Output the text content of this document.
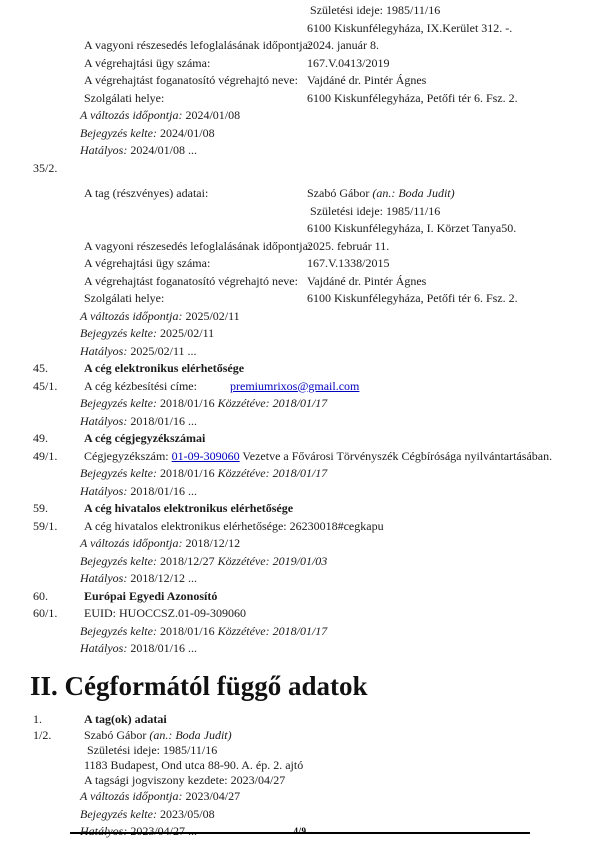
Születési ideje: 1985/11/16
6100 Kiskunfélegyháza, IX.Kerület 312. -.
A vagyoni részesedés lefoglalásának időpontja:
2024. január 8.
A végrehajtási ügy száma:	167.V.0413/2019
A végrehajtást foganatosító végrehajtó neve: Vajdáné dr. Pintér Ágnes
Szolgálati helye:	6100 Kiskunfélegyháza, Petőfi tér 6. Fsz. 2.
A változás időpontja: 2024/01/08
Bejegyzés kelte: 2024/01/08
Hatályos: 2024/01/08 ...
35/2.
A tag (részvényes) adatai:	Szabó Gábor (an.: Boda Judit)
Születési ideje: 1985/11/16
6100 Kiskunfélegyháza, I. Körzet Tanya50.
A vagyoni részesedés lefoglalásának időpontja:
2025. február 11.
A végrehajtási ügy száma:	167.V.1338/2015
A végrehajtást foganatosító végrehajtó neve: Vajdáné dr. Pintér Ágnes
Szolgálati helye:	6100 Kiskunfélegyháza, Petőfi tér 6. Fsz. 2.
A változás időpontja: 2025/02/11
Bejegyzés kelte: 2025/02/11
Hatályos: 2025/02/11 ...
45.	A cég elektronikus elérhetősége
45/1. A cég kézbesítési címe:	premiumrixos@gmail.com
Bejegyzés kelte: 2018/01/16 Közzétéve: 2018/01/17
Hatályos: 2018/01/16 ...
49.	A cég cégjegyzékszámai
49/1. Cégjegyzékszám: 01-09-309060 Vezetve a Fővárosi Törvényszék Cégbírósága nyilvántartásában.
Bejegyzés kelte: 2018/01/16 Közzétéve: 2018/01/17
Hatályos: 2018/01/16 ...
59.	A cég hivatalos elektronikus elérhetősége
59/1. A cég hivatalos elektronikus elérhetősége: 26230018#cegkapu
A változás időpontja: 2018/12/12
Bejegyzés kelte: 2018/12/27 Közzétéve: 2019/01/03
Hatályos: 2018/12/12 ...
60.	Európai Egyedi Azonosító
60/1. EUID: HUOCCSZ.01-09-309060
Bejegyzés kelte: 2018/01/16 Közzétéve: 2018/01/17
Hatályos: 2018/01/16 ...
II. Cégformától függő adatok
1.	A tag(ok) adatai
1/2.	Szabó Gábor (an.: Boda Judit)
Születési ideje: 1985/11/16
1183 Budapest, Ond utca 88-90. A. ép. 2. ajtó
A tagsági jogviszony kezdete: 2023/04/27
A változás időpontja: 2023/04/27
Bejegyzés kelte: 2023/05/08
Hatályos: 2023/04/27 ...	4/9
